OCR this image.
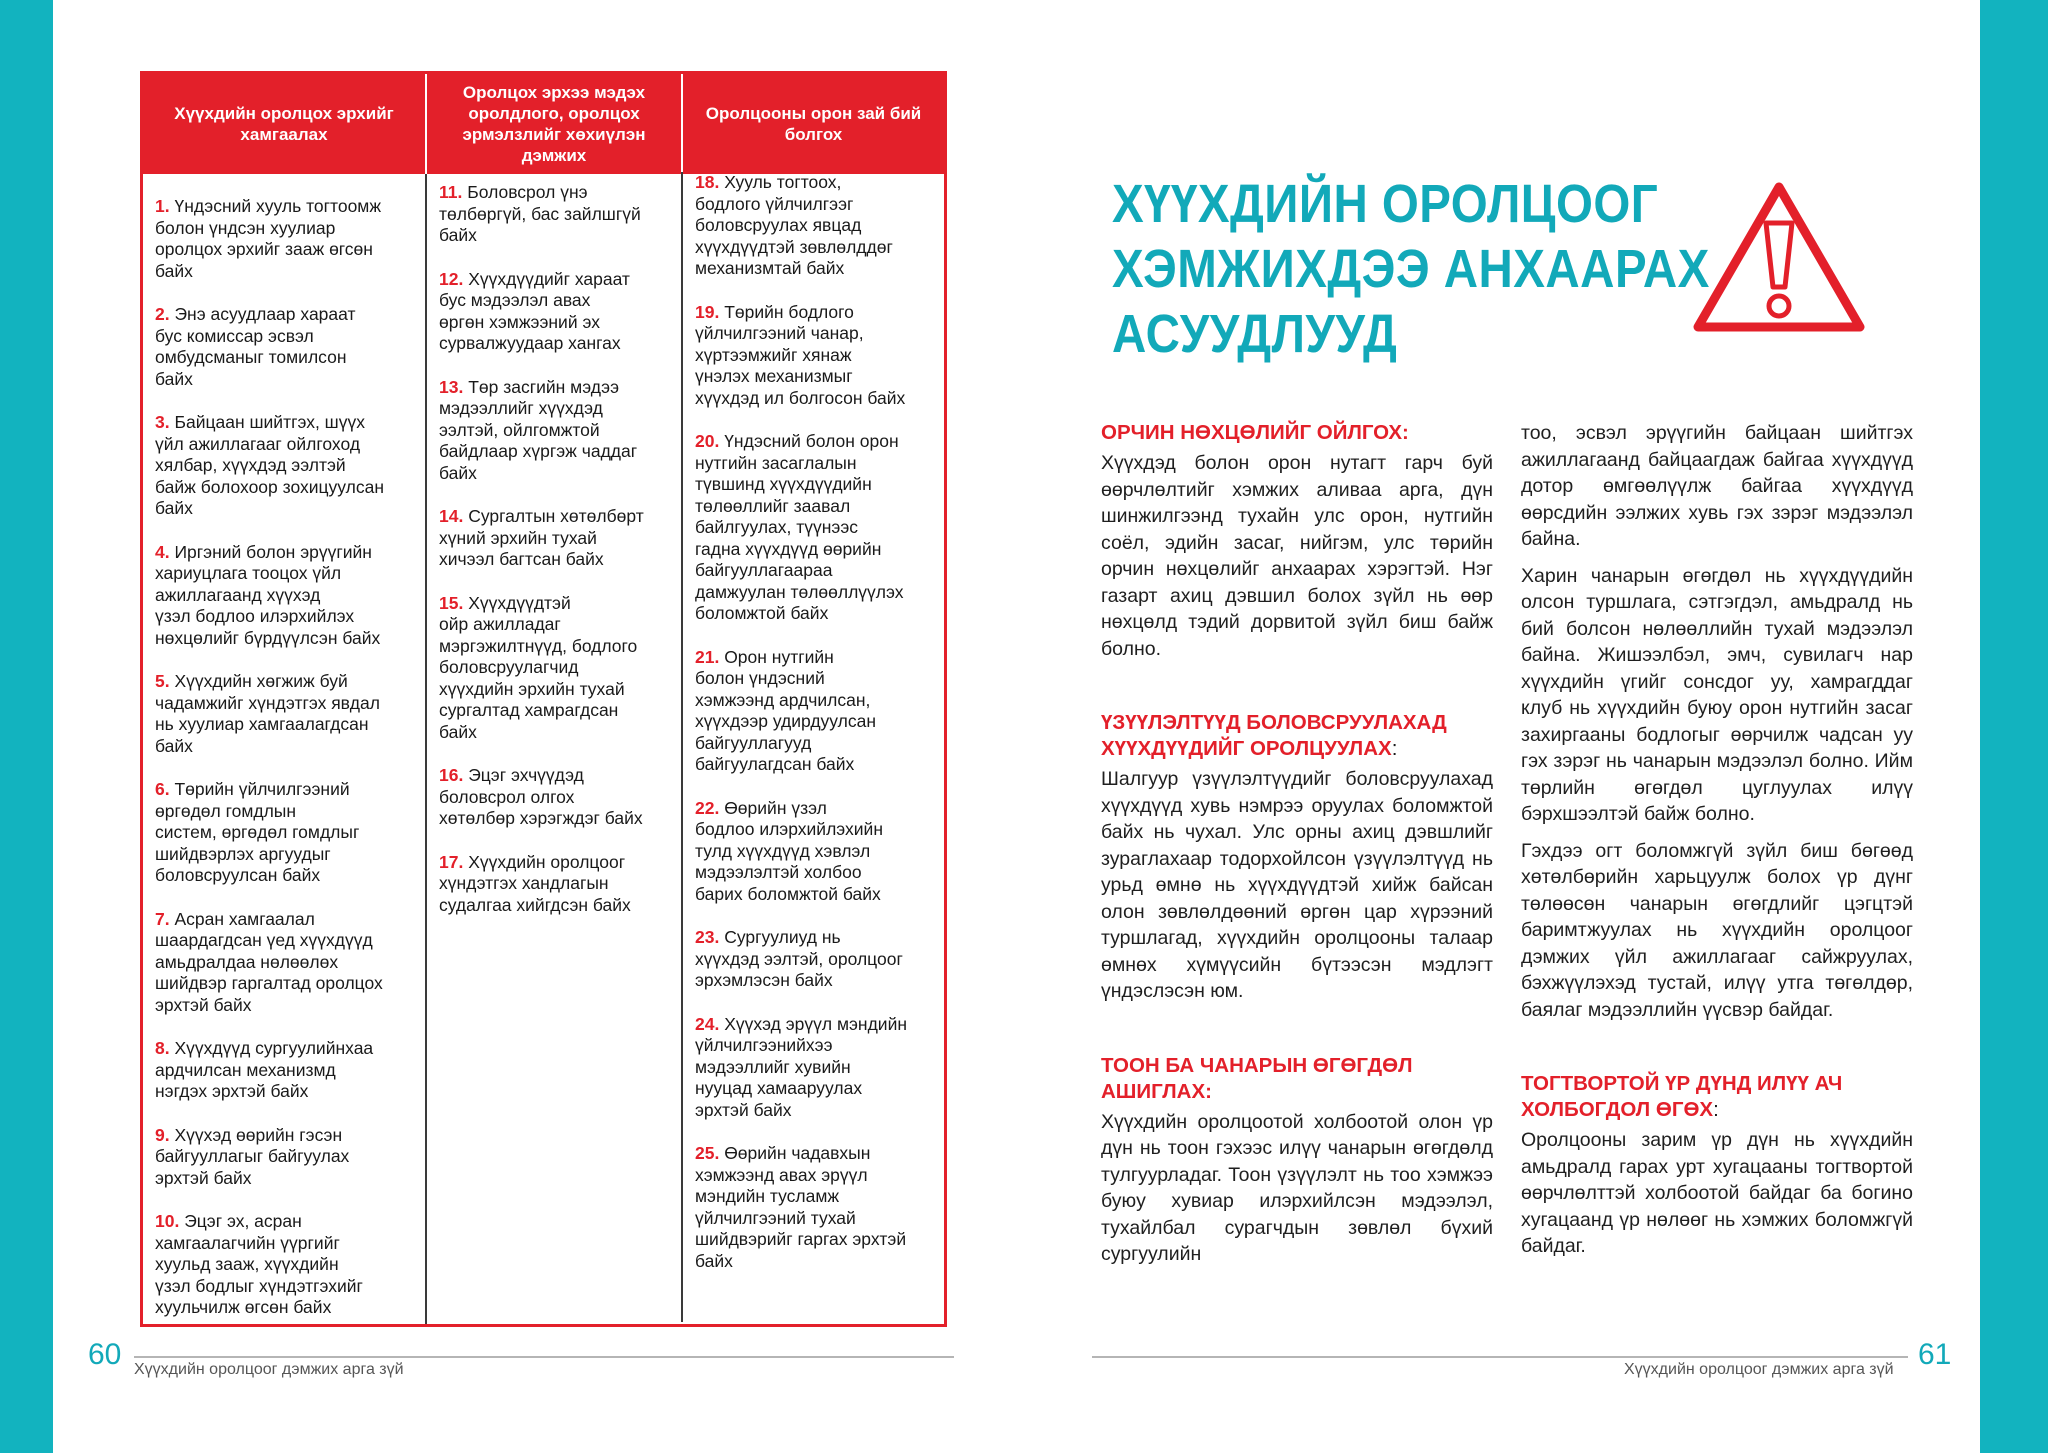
Хүүхдийн оролцох эрхийг хамгаалах
Оролцох эрхээ мэдэх оролдлого, оролцох эрмэлзлийг хөхиүлэн дэмжих
Оролцооны орон зай бий болгох
1. Үндэсний хууль тогтоомж
болон үндсэн хуулиар
оролцох эрхийг зааж өгсөн
байх
2. Энэ асуудлаар хараат
бус комиссар эсвэл
омбудсманыг томилсон
байх
3. Байцаан шийтгэх, шүүх
үйл ажиллагааг ойлгоход
хялбар, хүүхдэд ээлтэй
байж болохоор зохицуулсан
байх
4. Иргэний болон эрүүгийн
хариуцлага тооцох үйл
ажиллагаанд хүүхэд
үзэл бодлоо илэрхийлэх
нөхцөлийг бүрдүүлсэн байх
5. Хүүхдийн хөгжиж буй
чадамжийг хүндэтгэх явдал
нь хуулиар хамгаалагдсан
байх
6. Төрийн үйлчилгээний
өргөдөл гомдлын
систем, өргөдөл гомдлыг
шийдвэрлэх аргуудыг
боловсруулсан байх
7. Асран хамгаалал
шаардагдсан үед хүүхдүүд
амьдралдаа нөлөөлөх
шийдвэр гаргалтад оролцох
эрхтэй байх
8. Хүүхдүүд сургуулийнхаа
ардчилсан механизмд
нэгдэх эрхтэй байх
9. Хүүхэд өөрийн гэсэн
байгууллагыг байгуулах
эрхтэй байх
10. Эцэг эх, асран
хамгаалагчийн үүргийг
хуульд зааж, хүүхдийн
үзэл бодлыг хүндэтгэхийг
хуульчилж өгсөн байх
11. Боловсрол үнэ
төлбөргүй, бас зайлшгүй
байх
12. Хүүхдүүдийг хараат
бус мэдээлэл авах
өргөн хэмжээний эх
сурвалжуудаар хангах
13. Төр засгийн мэдээ
мэдээллийг хүүхдэд
ээлтэй, ойлгомжтой
байдлаар хүргэж чаддаг
байх
14. Сургалтын хөтөлбөрт
хүний эрхийн тухай
хичээл багтсан байх
15. Хүүхдүүдтэй
ойр ажилладаг
мэргэжилтнүүд, бодлого
боловсруулагчид
хүүхдийн эрхийн тухай
сургалтад хамрагдсан
байх
16. Эцэг эхчүүдэд
боловсрол олгох
хөтөлбөр хэрэгждэг байх
17. Хүүхдийн оролцоог
хүндэтгэх хандлагын
судалгаа хийгдсэн байх
18. Хууль тогтоох,
бодлого үйлчилгээг
боловсруулах явцад
хүүхдүүдтэй зөвлөлддөг
механизмтай байх
19. Төрийн бодлого
үйлчилгээний чанар,
хүртээмжийг хянаж
үнэлэх механизмыг
хүүхдэд ил болгосон байх
20. Үндэсний болон орон
нутгийн засаглалын
түвшинд хүүхдүүдийн
төлөөллийг заавал
байлгуулах, түүнээс
гадна хүүхдүүд өөрийн
байгууллагаараа
дамжуулан төлөөллүүлэх
боломжтой байх
21. Орон нутгийн
болон үндэсний
хэмжээнд ардчилсан,
хүүхдээр удирдуулсан
байгууллагууд
байгуулагдсан байх
22. Өөрийн үзэл
бодлоо илэрхийлэхийн
тулд хүүхдүүд хэвлэл
мэдээлэлтэй холбоо
барих боломжтой байх
23. Сургуулиуд нь
хүүхдэд ээлтэй, оролцоог
эрхэмлэсэн байх
24. Хүүхэд эрүүл мэндийн
үйлчилгээнийхээ
мэдээллийг хувийн
нууцад хамааруулах
эрхтэй байх
25. Өөрийн чадавхын
хэмжээнд авах эрүүл
мэндийн тусламж
үйлчилгээний тухай
шийдвэрийг гаргах эрхтэй
байх
ХҮҮХДИЙН ОРОЛЦООГ
ХЭМЖИХДЭЭ АНХААРАХ
АСУУДЛУУД
ОРЧИН НӨХЦӨЛИЙГ ОЙЛГОХ:

Хүүхдэд болон орон нутагт гарч буй өөрчлөлтийг хэмжих аливаа арга, дүн шинжилгээнд тухайн улс орон, нутгийн соёл, эдийн засаг, нийгэм, улс төрийн орчин нөхцөлийг анхаарах хэрэгтэй. Нэг газарт ахиц дэвшил болох зүйл нь өөр нөхцөлд тэдий дорвитой зүйл биш байж болно.

ҮЗҮҮЛЭЛТҮҮД БОЛОВСРУУЛАХАД ХҮҮХДҮҮДИЙГ ОРОЛЦУУЛАХ:

Шалгуур үзүүлэлтүүдийг боловсруулахад хүүхдүүд хувь нэмрээ оруулах боломжтой байх нь чухал. Улс орны ахиц дэвшлийг зураглахаар тодорхойлсон үзүүлэлтүүд нь урьд өмнө нь хүүхдүүдтэй хийж байсан олон зөвлөлдөөний өргөн цар хүрээний туршлагад, хүүхдийн оролцооны талаар өмнөх хүмүүсийн бүтээсэн мэдлэгт үндэслэсэн юм.

ТООН БА ЧАНАРЫН ӨГӨГДӨЛ АШИГЛАХ:

Хүүхдийн оролцоотой холбоотой олон үр дүн нь тоон гэхээс илүү чанарын өгөгдөлд тулгуурладаг. Тоон үзүүлэлт нь тоо хэмжээ буюу хувиар илэрхийлсэн мэдээлэл, тухайлбал сурагчдын зөвлөл бүхий сургуулийн

тоо, эсвэл эрүүгийн байцаан шийтгэх ажиллагаанд байцаагдаж байгаа хүүхдүүд дотор өмгөөлүүлж байгаа хүүхдүүд өөрсдийн ээлжих хувь гэх зэрэг мэдээлэл байна.

Харин чанарын өгөгдөл нь хүүхдүүдийн олсон туршлага, сэтгэгдэл, амьдралд нь бий болсон нөлөөллийн тухай мэдээлэл байна. Жишээлбэл, эмч, сувилагч нар хүүхдийн үгийг сонсдог уу, хамрагддаг клуб нь хүүхдийн буюу орон нутгийн засаг захиргааны бодлогыг өөрчилж чадсан уу гэх зэрэг нь чанарын мэдээлэл болно. Ийм төрлийн өгөгдөл цуглуулах илүү бэрхшээлтэй байж болно.

Гэхдээ огт боломжгүй зүйл биш бөгөөд хөтөлбөрийн харьцуулж болох үр дүнг төлөөсөн чанарын өгөгдлийг цэгцтэй баримтжуулах нь хүүхдийн оролцоог дэмжих үйл ажиллагааг сайжруулах, бэхжүүлэхэд тустай, илүү утга төгөлдөр, баялаг мэдээллийн үүсвэр байдаг.

ТОГТВОРТОЙ ҮР ДҮНД ИЛҮҮ АЧ ХОЛБОГДОЛ ӨГӨХ:

Оролцооны зарим үр дүн нь хүүхдийн амьдралд гарах урт хугацааны тогтвортой өөрчлөлттэй холбоотой байдаг ба богино хугацаанд үр нөлөөг нь хэмжих боломжгүй байдаг.

60 Хүүхдийн оролцоог дэмжих арга зүй	Хүүхдийн оролцоог дэмжих арга зүй 61
